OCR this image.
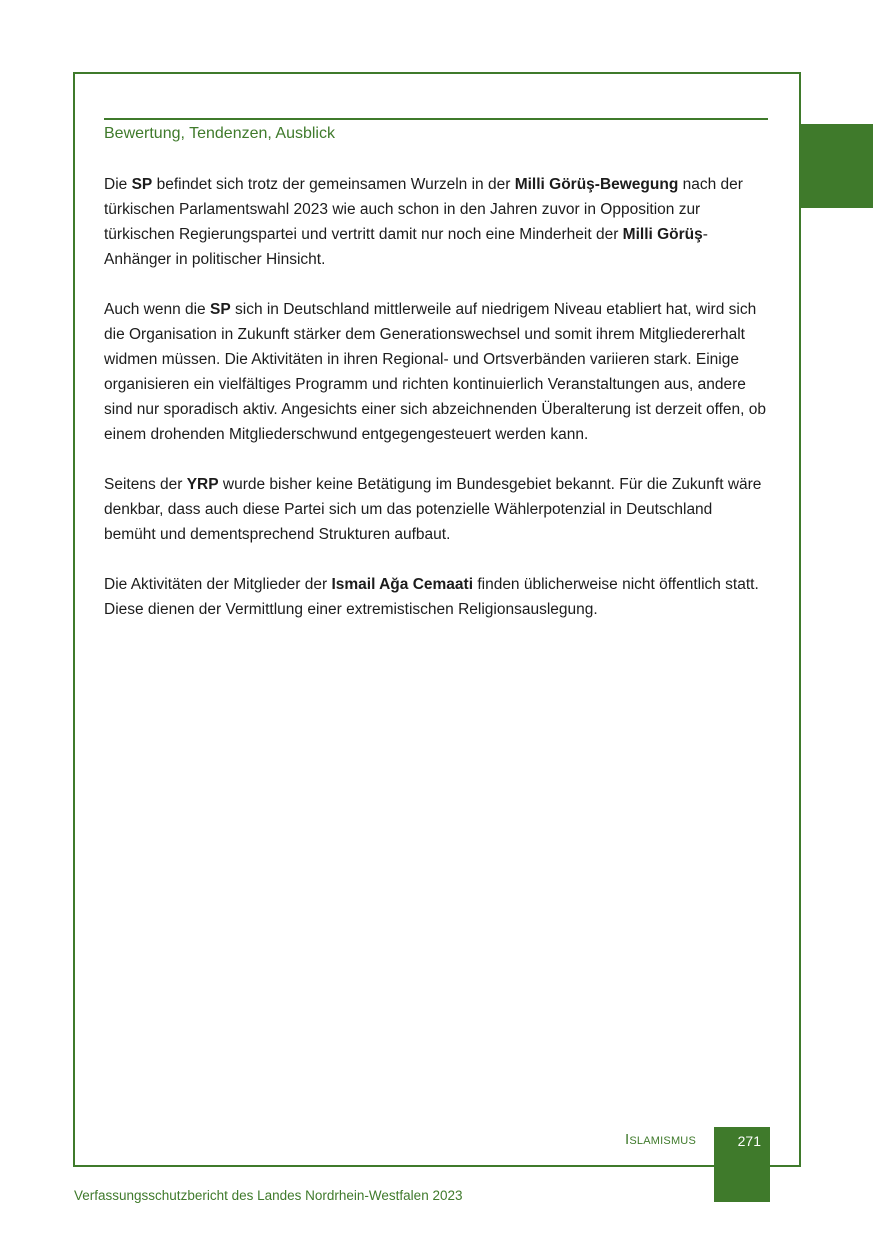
Bewertung, Tendenzen, Ausblick

Die SP befindet sich trotz der gemeinsamen Wurzeln in der Milli Görüş-Bewegung nach der türkischen Parlamentswahl 2023 wie auch schon in den Jahren zuvor in Opposition zur türkischen Regierungspartei und vertritt damit nur noch eine Minderheit der Milli Görüş-Anhänger in politischer Hinsicht.

Auch wenn die SP sich in Deutschland mittlerweile auf niedrigem Niveau etabliert hat, wird sich die Organisation in Zukunft stärker dem Generationswechsel und somit ihrem Mitgliedererhalt widmen müssen. Die Aktivitäten in ihren Regional- und Ortsverbänden variieren stark. Einige organisieren ein vielfältiges Programm und richten kontinuierlich Veranstaltungen aus, andere sind nur sporadisch aktiv. Angesichts einer sich abzeichnenden Überalterung ist derzeit offen, ob einem drohenden Mitgliederschwund entgegengesteuert werden kann.

Seitens der YRP wurde bisher keine Betätigung im Bundesgebiet bekannt. Für die Zukunft wäre denkbar, dass auch diese Partei sich um das potenzielle Wählerpotenzial in Deutschland bemüht und dementsprechend Strukturen aufbaut.

Die Aktivitäten der Mitglieder der Ismail Ağa Cemaati finden üblicherweise nicht öffentlich statt. Diese dienen der Vermittlung einer extremistischen Religionsauslegung.

Islamismus	271
Verfassungsschutzbericht des Landes Nordrhein-Westfalen 2023
